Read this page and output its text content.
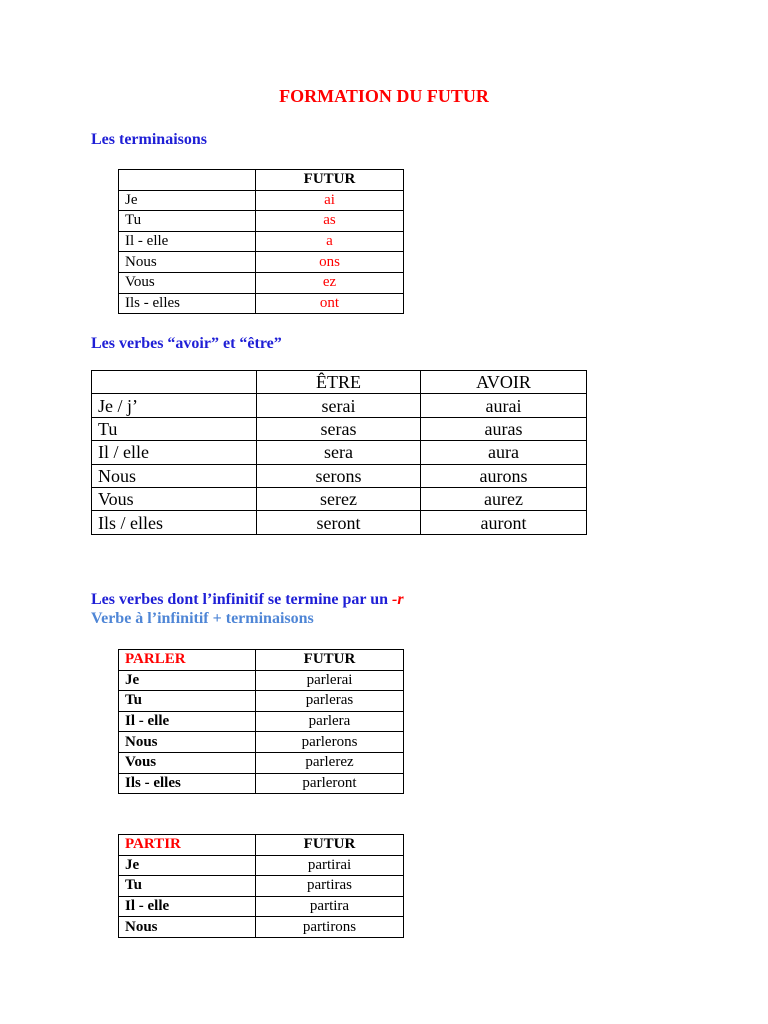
FORMATION DU FUTUR

Les terminaisons

	FUTUR
Je	ai
Tu	as
Il - elle	a
Nous	ons
Vous	ez
Ils - elles	ont

Les verbes “avoir” et “être”

	ÊTRE	AVOIR
Je / j’	serai	aurai
Tu	seras	auras
Il / elle	sera	aura
Nous	serons	aurons
Vous	serez	aurez
Ils / elles	seront	auront

Les verbes dont l’infinitif se termine par un -r

Verbe à l’infinitif + terminaisons

PARLER	FUTUR
Je	parlerai
Tu	parleras
Il - elle	parlera
Nous	parlerons
Vous	parlerez
Ils - elles	parleront
PARTIR	FUTUR
Je	partirai
Tu	partiras
Il - elle	partira
Nous	partirons
